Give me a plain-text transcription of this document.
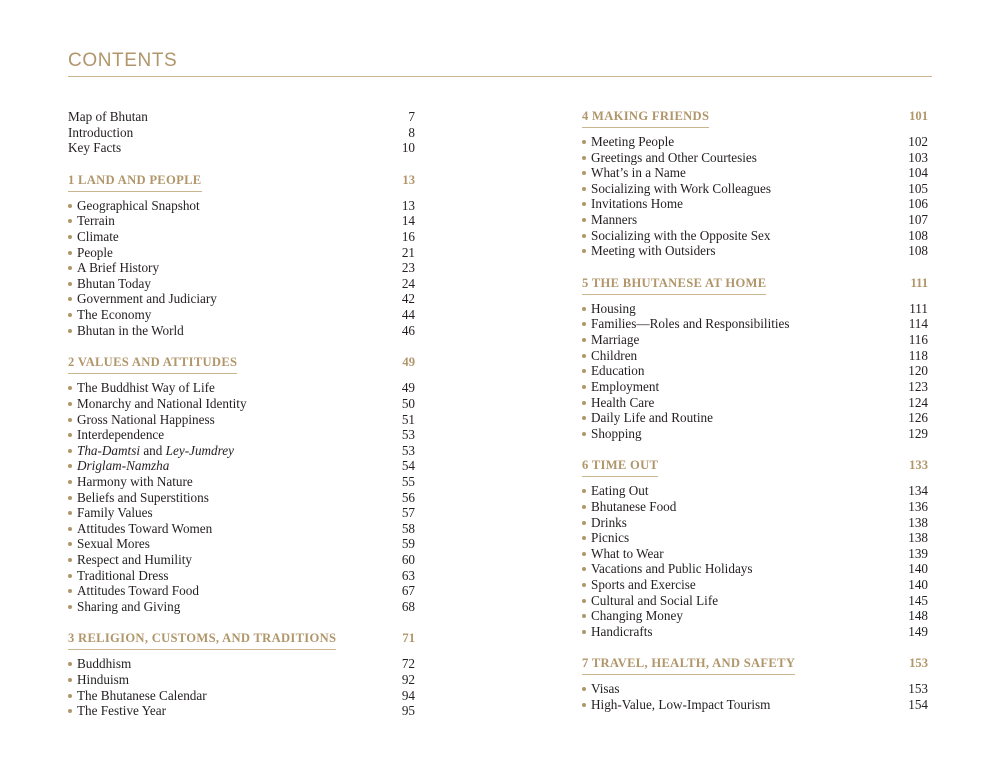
CONTENTS
Map of Bhutan	7
Introduction	8
Key Facts	10
1 LAND AND PEOPLE	13
Geographical Snapshot	13
Terrain	14
Climate	16
People	21
A Brief History	23
Bhutan Today	24
Government and Judiciary	42
The Economy	44
Bhutan in the World	46
2 VALUES AND ATTITUDES	49
The Buddhist Way of Life	49
Monarchy and National Identity	50
Gross National Happiness	51
Interdependence	53
Tha-Damtsi and Ley-Jumdrey	53
Driglam-Namzha	54
Harmony with Nature	55
Beliefs and Superstitions	56
Family Values	57
Attitudes Toward Women	58
Sexual Mores	59
Respect and Humility	60
Traditional Dress	63
Attitudes Toward Food	67
Sharing and Giving	68
3 RELIGION, CUSTOMS, AND TRADITIONS	71
Buddhism	72
Hinduism	92
The Bhutanese Calendar	94
The Festive Year	95
4 MAKING FRIENDS	101
Meeting People	102
Greetings and Other Courtesies	103
What’s in a Name	104
Socializing with Work Colleagues	105
Invitations Home	106
Manners	107
Socializing with the Opposite Sex	108
Meeting with Outsiders	108
5 THE BHUTANESE AT HOME	111
Housing	111
Families—Roles and Responsibilities	114
Marriage	116
Children	118
Education	120
Employment	123
Health Care	124
Daily Life and Routine	126
Shopping	129
6 TIME OUT	133
Eating Out	134
Bhutanese Food	136
Drinks	138
Picnics	138
What to Wear	139
Vacations and Public Holidays	140
Sports and Exercise	140
Cultural and Social Life	145
Changing Money	148
Handicrafts	149
7 TRAVEL, HEALTH, AND SAFETY	153
Visas	153
High-Value, Low-Impact Tourism	154
